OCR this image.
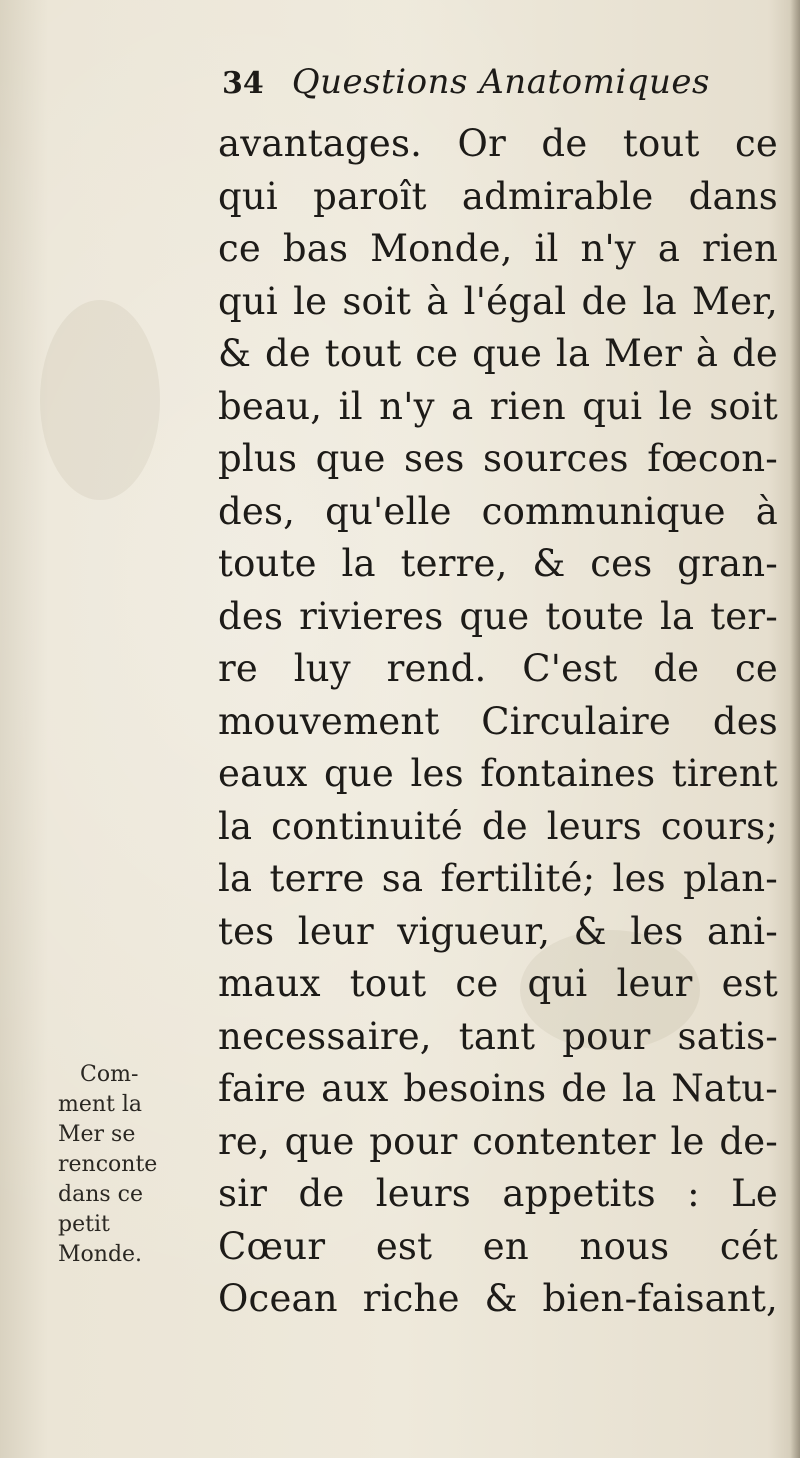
34 Questions Anatomiques
avantages. Or de tout ce
qui paroît admirable dans
ce bas Monde, il n'y a rien
qui le soit à l'égal de la Mer,
& de tout ce que la Mer à de
beau, il n'y a rien qui le soit
plus que ses sources fœcon-
des, qu'elle communique à
toute la terre, & ces gran-
des rivieres que toute la ter-
re luy rend. C'est de ce
mouvement Circulaire des
eaux que les fontaines tirent
la continuité de leurs cours;
la terre sa fertilité; les plan-
tes leur vigueur, & les ani-
maux tout ce qui leur est
necessaire, tant pour satis-
faire aux besoins de la Natu-
re, que pour contenter le de-
sir de leurs appetits : Le
Cœur est en nous cét
Ocean riche & bien-faisant,
Com-
ment la
Mer se
renconte
dans ce
petit
Monde.
